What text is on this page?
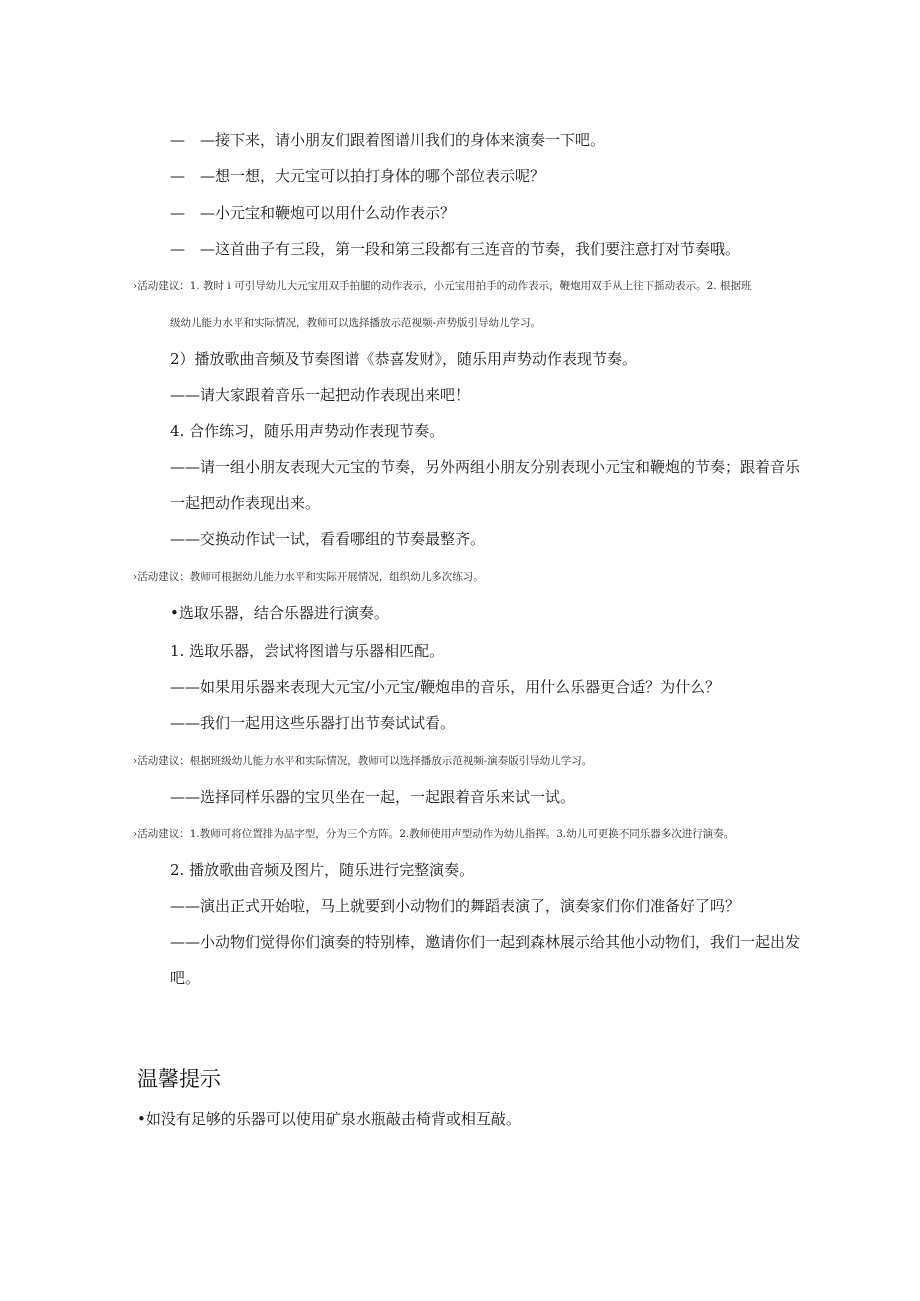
— —接下来，请小朋友们跟着图谱川我们的身体来演奏一下吧。
— —想一想，大元宝可以拍打身体的哪个部位表示呢？
— —小元宝和鞭炮可以用什么动作表示？
— —这首曲子有三段，第一段和第三段都有三连音的节奏，我们要注意打对节奏哦。
›活动建议：1. 教时 i 可引导幼儿大元宝用双手拍腿的动作表示，小元宝用拍手的动作表示，鞭炮用双手从上往下摇动表示。2. 根据班
级幼儿能力水平和实际情况，教师可以选择播放示范视频-声势版引导幼儿学习。
2）播放歌曲音频及节奏图谱《恭喜发财》，随乐用声势动作表现节奏。
——请大家跟着音乐一起把动作表现出来吧！
4. 合作练习，随乐用声势动作表现节奏。
——请一组小朋友表现大元宝的节奏，另外两组小朋友分别表现小元宝和鞭炮的节奏；跟着音乐
一起把动作表现出来。
——交换动作试一试，看看哪组的节奏最整齐。
›活动建议：教师可根据幼儿能力水平和实际开展情况，组织幼儿多次练习。
•选取乐器，结合乐器进行演奏。
1. 选取乐器，尝试将图谱与乐器相匹配。
——如果用乐器来表现大元宝/小元宝/鞭炮串的音乐，用什么乐器更合适？为什么？
——我们一起用这些乐器打出节奏试试看。
›活动建议：根据班级幼儿能力水平和实际情况，教师可以选择播放示范视频-演奏版引导幼儿学习。
——选择同样乐器的宝贝坐在一起，一起跟着音乐来试一试。
›活动建议：1.教师可将位置排为品字型，分为三个方阵。2.教师使用声型动作为幼儿指挥。3.幼儿可更换不同乐器多次进行演奏。
2. 播放歌曲音频及图片，随乐进行完整演奏。
——演出正式开始啦，马上就要到小动物们的舞蹈表演了，演奏家们你们准备好了吗？
——小动物们觉得你们演奏的特别棒，邀请你们一起到森林展示给其他小动物们，我们一起出发
吧。
温馨提示
•如没有足够的乐器可以使用矿泉水瓶敲击椅背或相互敲。
